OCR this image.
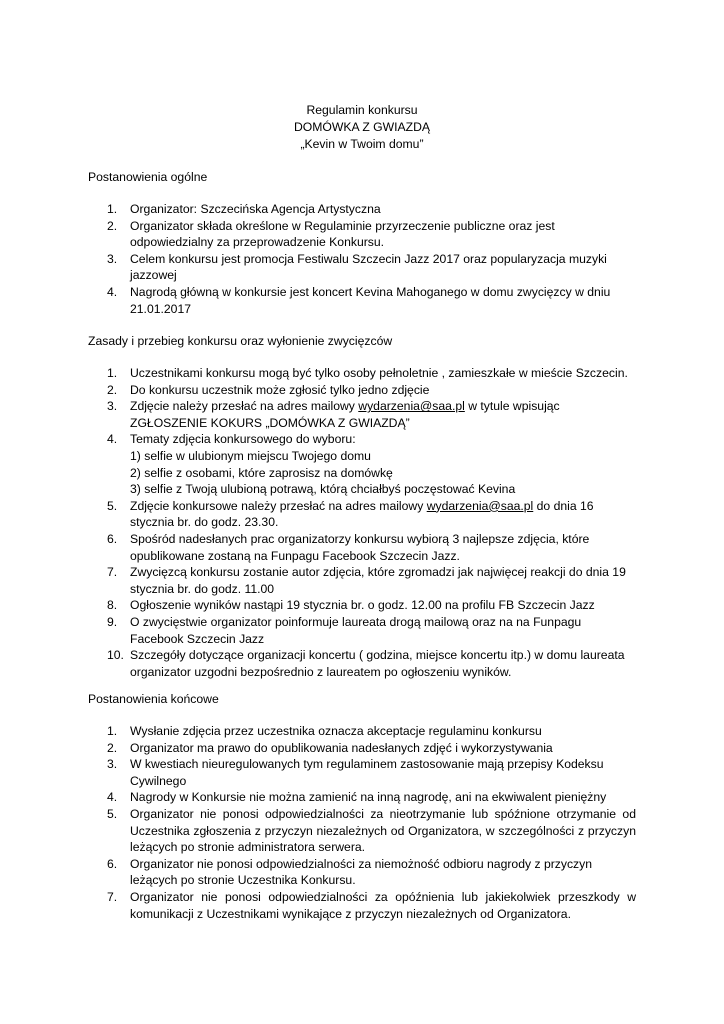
Regulamin konkursu
DOMÓWKA Z GWIAZDĄ
„Kevin w Twoim domu”
Postanowienia ogólne
1.	Organizator: Szczecińska Agencja Artystyczna
2.	Organizator składa określone w Regulaminie przyrzeczenie publiczne oraz jest odpowiedzialny za przeprowadzenie Konkursu.
3.	Celem konkursu jest promocja Festiwalu Szczecin Jazz 2017 oraz popularyzacja muzyki jazzowej
4.	Nagrodą główną w konkursie jest koncert Kevina Mahoganego w domu zwycięzcy w dniu 21.01.2017
Zasady i przebieg konkursu oraz wyłonienie zwycięzców
1.	Uczestnikami konkursu mogą być tylko osoby pełnoletnie , zamieszkałe w mieście Szczecin.
2.	Do konkursu uczestnik może zgłosić tylko jedno zdjęcie
3.	Zdjęcie należy przesłać na adres mailowy wydarzenia@saa.pl w tytule wpisując ZGŁOSZENIE KOKURS „DOMÓWKA Z GWIAZDĄ”
4.	Tematy zdjęcia konkursowego do wyboru:
1) selfie w ulubionym miejscu Twojego domu
2) selfie z osobami, które zaprosisz na domówkę
3) selfie z Twoją ulubioną potrawą, którą chciałbyś poczęstować Kevina
5.	Zdjęcie konkursowe należy przesłać na adres mailowy wydarzenia@saa.pl do dnia 16 stycznia br. do godz. 23.30.
6.	Spośród nadesłanych prac organizatorzy konkursu wybiorą 3 najlepsze zdjęcia, które opublikowane zostaną na Funpagu Facebook Szczecin Jazz.
7.	Zwycięzcą konkursu zostanie autor zdjęcia, które zgromadzi jak najwięcej reakcji do dnia 19 stycznia br. do godz. 11.00
8.	Ogłoszenie wyników nastąpi 19 stycznia br. o godz. 12.00 na profilu FB Szczecin Jazz
9.	O zwycięstwie organizator poinformuje laureata drogą mailową oraz na na Funpagu Facebook Szczecin Jazz
10. Szczegóły dotyczące organizacji koncertu ( godzina, miejsce koncertu itp.) w domu laureata organizator uzgodni bezpośrednio z laureatem po ogłoszeniu wyników.
Postanowienia końcowe
1.	Wysłanie zdjęcia przez uczestnika oznacza akceptacje regulaminu konkursu
2.	Organizator ma prawo do opublikowania nadesłanych zdjęć i wykorzystywania
3.	W kwestiach nieuregulowanych tym regulaminem zastosowanie mają przepisy Kodeksu Cywilnego
4.	Nagrody w Konkursie nie można zamienić na inną nagrodę, ani na ekwiwalent pieniężny
5.	Organizator nie ponosi odpowiedzialności za nieotrzymanie lub spóźnione otrzymanie od Uczestnika zgłoszenia z przyczyn niezależnych od Organizatora, w szczególności z przyczyn leżących po stronie administratora serwera.
6.	Organizator nie ponosi odpowiedzialności za niemożność odbioru nagrody z przyczyn leżących po stronie Uczestnika Konkursu.
7.	Organizator nie ponosi odpowiedzialności za opóźnienia lub jakiekolwiek przeszkody w komunikacji z Uczestnikami wynikające z przyczyn niezależnych od Organizatora.
